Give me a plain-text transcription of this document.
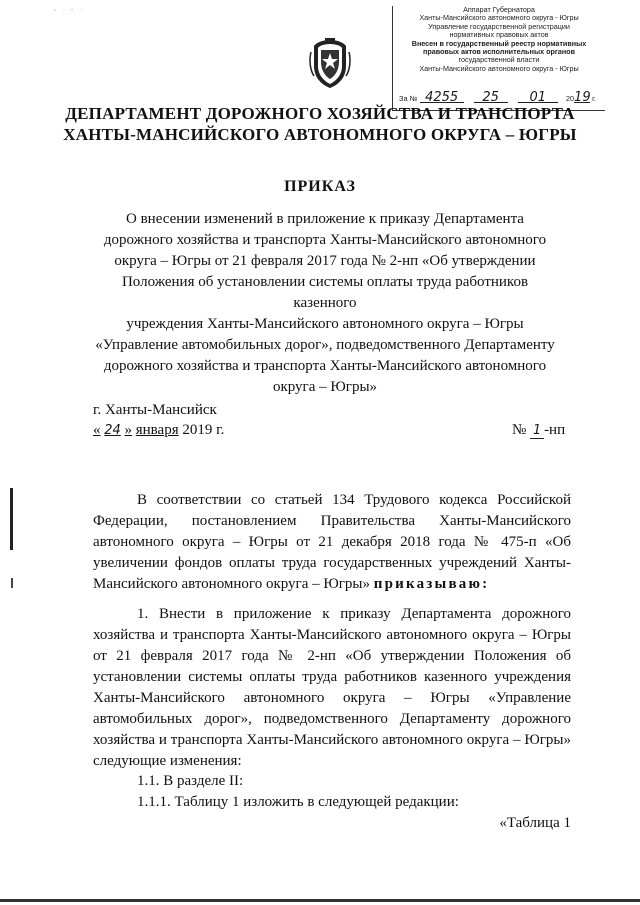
Аппарат Губернатора
Ханты-Мансийского автономного округа - Югры
Управление государственной регистрации
нормативных правовых актов
Внесен в государственный реестр нормативных
правовых актов исполнительных органов
государственной власти
Ханты-Мансийского автономного округа - Югры
За № 4255 25 01	2019 г.
ДЕПАРТАМЕНТ ДОРОЖНОГО ХОЗЯЙСТВА И ТРАНСПОРТА
ХАНТЫ-МАНСИЙСКОГО АВТОНОМНОГО ОКРУГА – ЮГРЫ
ПРИКАЗ
О внесении изменений в приложение к приказу Департамента
дорожного хозяйства и транспорта Ханты-Мансийского автономного
округа – Югры от 21 февраля 2017 года № 2-нп «Об утверждении
Положения об установлении системы оплаты труда работников казенного
учреждения Ханты-Мансийского автономного округа – Югры
«Управление автомобильных дорог», подведомственного Департаменту
дорожного хозяйства и транспорта Ханты-Мансийского автономного
округа – Югры»
г. Ханты-Мансийск
« 24 » января 2019 г.	№ 1 -нп
В соответствии со статьей 134 Трудового кодекса Российской Федерации, постановлением Правительства Ханты-Мансийского автономного округа – Югры от 21 декабря 2018 года № 475-п «Об увеличении фондов оплаты труда государственных учреждений Ханты-Мансийского автономного округа – Югры» приказываю:
1. Внести в приложение к приказу Департамента дорожного хозяйства и транспорта Ханты-Мансийского автономного округа – Югры от 21 февраля 2017 года № 2-нп «Об утверждении Положения об установлении системы оплаты труда работников казенного учреждения Ханты-Мансийского автономного округа – Югры «Управление автомобильных дорог», подведомственного Департаменту дорожного хозяйства и транспорта Ханты-Мансийского автономного округа – Югры» следующие изменения:
1.1. В разделе II:
1.1.1. Таблицу 1 изложить в следующей редакции:
«Таблица 1
